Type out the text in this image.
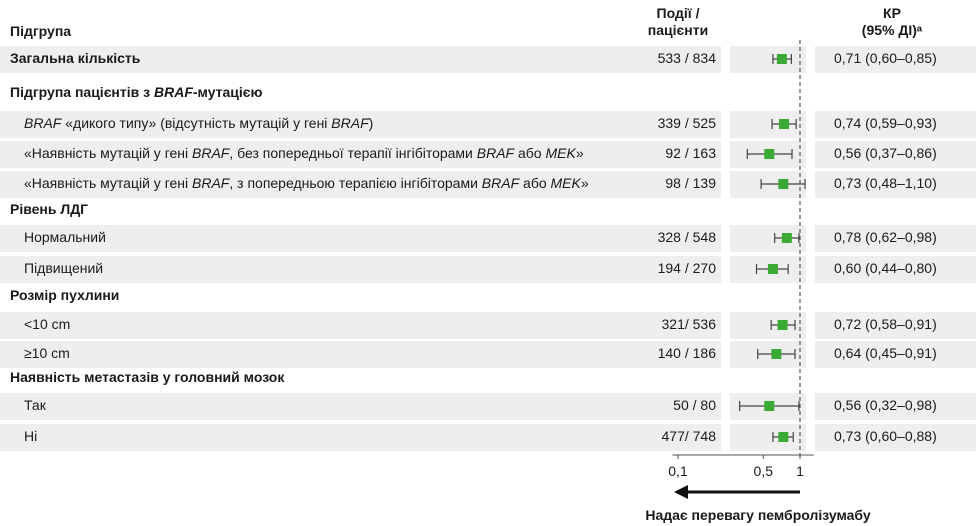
Підгрупа
Події /
пацієнти
КР
(95% ДІ)ᵃ
Загальна кількість	533 / 834	0,71 (0,60–0,85)
Підгрупа пацієнтів з BRAF-мутацією
BRAF «дикого типу» (відсутність мутацій у гені BRAF)	339 / 525	0,74 (0,59–0,93)
«Наявність мутацій у гені BRAF, без попередньої терапії інгібіторами BRAF або MEK»	92 / 163	0,56 (0,37–0,86)
«Наявність мутацій у гені BRAF, з попередньою терапією інгібіторами BRAF або MEK»	98 / 139	0,73 (0,48–1,10)
Рівень ЛДГ
Нормальний	328 / 548	0,78 (0,62–0,98)
Підвищений	194 / 270	0,60 (0,44–0,80)
Розмір пухлини
<10 cm	321/ 536	0,72 (0,58–0,91)
≥10 cm	140 / 186	0,64 (0,45–0,91)
Наявність метастазів у головний мозок
Так	50 / 80	0,56 (0,32–0,98)
Ні	477/ 748	0,73 (0,60–0,88)
0,1	0,5 1
Надає перевагу пембролізумабу
